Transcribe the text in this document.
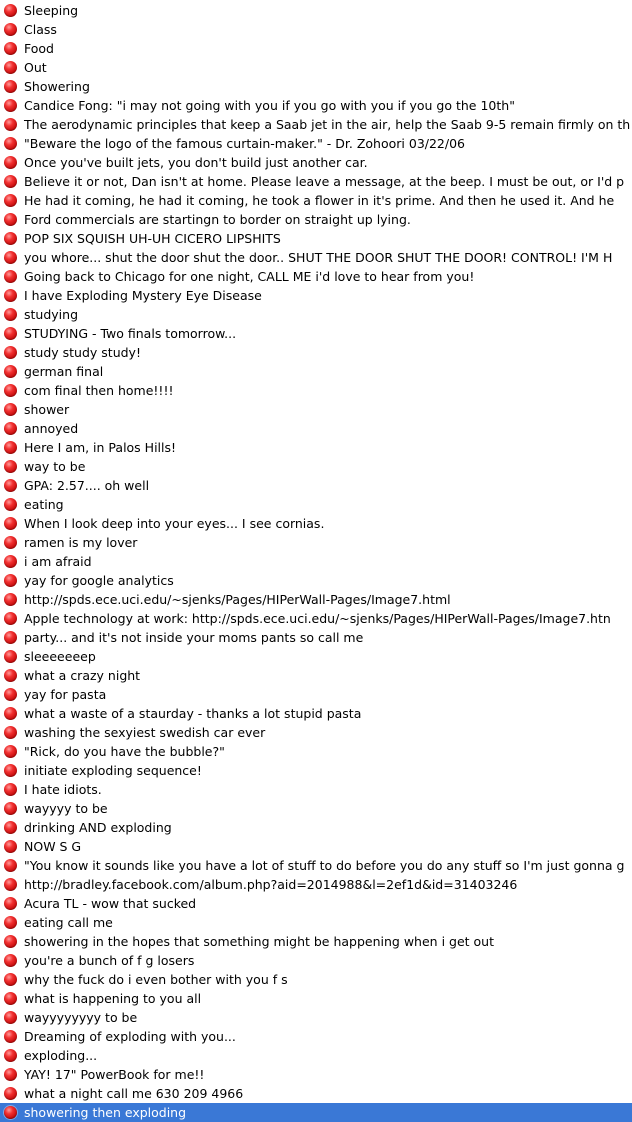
Sleeping
Class
Food
Out
Showering
Candice Fong: "i may not going with you if you go with you if you go the 10th"
The aerodynamic principles that keep a Saab jet in the air, help the Saab 9-5 remain firmly on th
"Beware the logo of the famous curtain-maker." - Dr. Zohoori 03/22/06
Once you've built jets, you don't build just another car.
Believe it or not, Dan isn't at home. Please leave a message, at the beep. I must be out, or I'd p
He had it coming, he had it coming, he took a flower in it's prime. And then he used it. And he
Ford commercials are startingn to border on straight up lying.
POP SIX SQUISH UH-UH CICERO LIPSHITS
you whore... shut the door shut the door.. SHUT THE DOOR SHUT THE DOOR! CONTROL! I'M H
Going back to Chicago for one night, CALL ME i'd love to hear from you!
I have Exploding Mystery Eye Disease
studying
STUDYING - Two finals tomorrow...
study study study!
german final
com final then home!!!!
shower
annoyed
Here I am, in Palos Hills!
way to be
GPA: 2.57.... oh well
eating
When I look deep into your eyes... I see cornias.
ramen is my lover
i am afraid
yay for google analytics
http://spds.ece.uci.edu/~sjenks/Pages/HIPerWall-Pages/Image7.html
Apple technology at work: http://spds.ece.uci.edu/~sjenks/Pages/HIPerWall-Pages/Image7.htn
party... and it's not inside your moms pants so call me
sleeeeeeep
what a crazy night
yay for pasta
what a waste of a staurday - thanks a lot stupid pasta
washing the sexyiest swedish car ever
"Rick, do you have the bubble?"
initiate exploding sequence!
I hate idiots.
wayyyy to be
drinking AND exploding
NOW S G
"You know it sounds like you have a lot of stuff to do before you do any stuff so I'm just gonna g
http://bradley.facebook.com/album.php?aid=2014988&l=2ef1d&id=31403246
Acura TL - wow that sucked
eating call me
showering in the hopes that something might be happening when i get out
you're a bunch of f g losers
why the fuck do i even bother with you f s
what is happening to you all
wayyyyyyyy to be
Dreaming of exploding with you...
exploding...
YAY! 17" PowerBook for me!!
what a night call me 630 209 4966
showering then exploding
